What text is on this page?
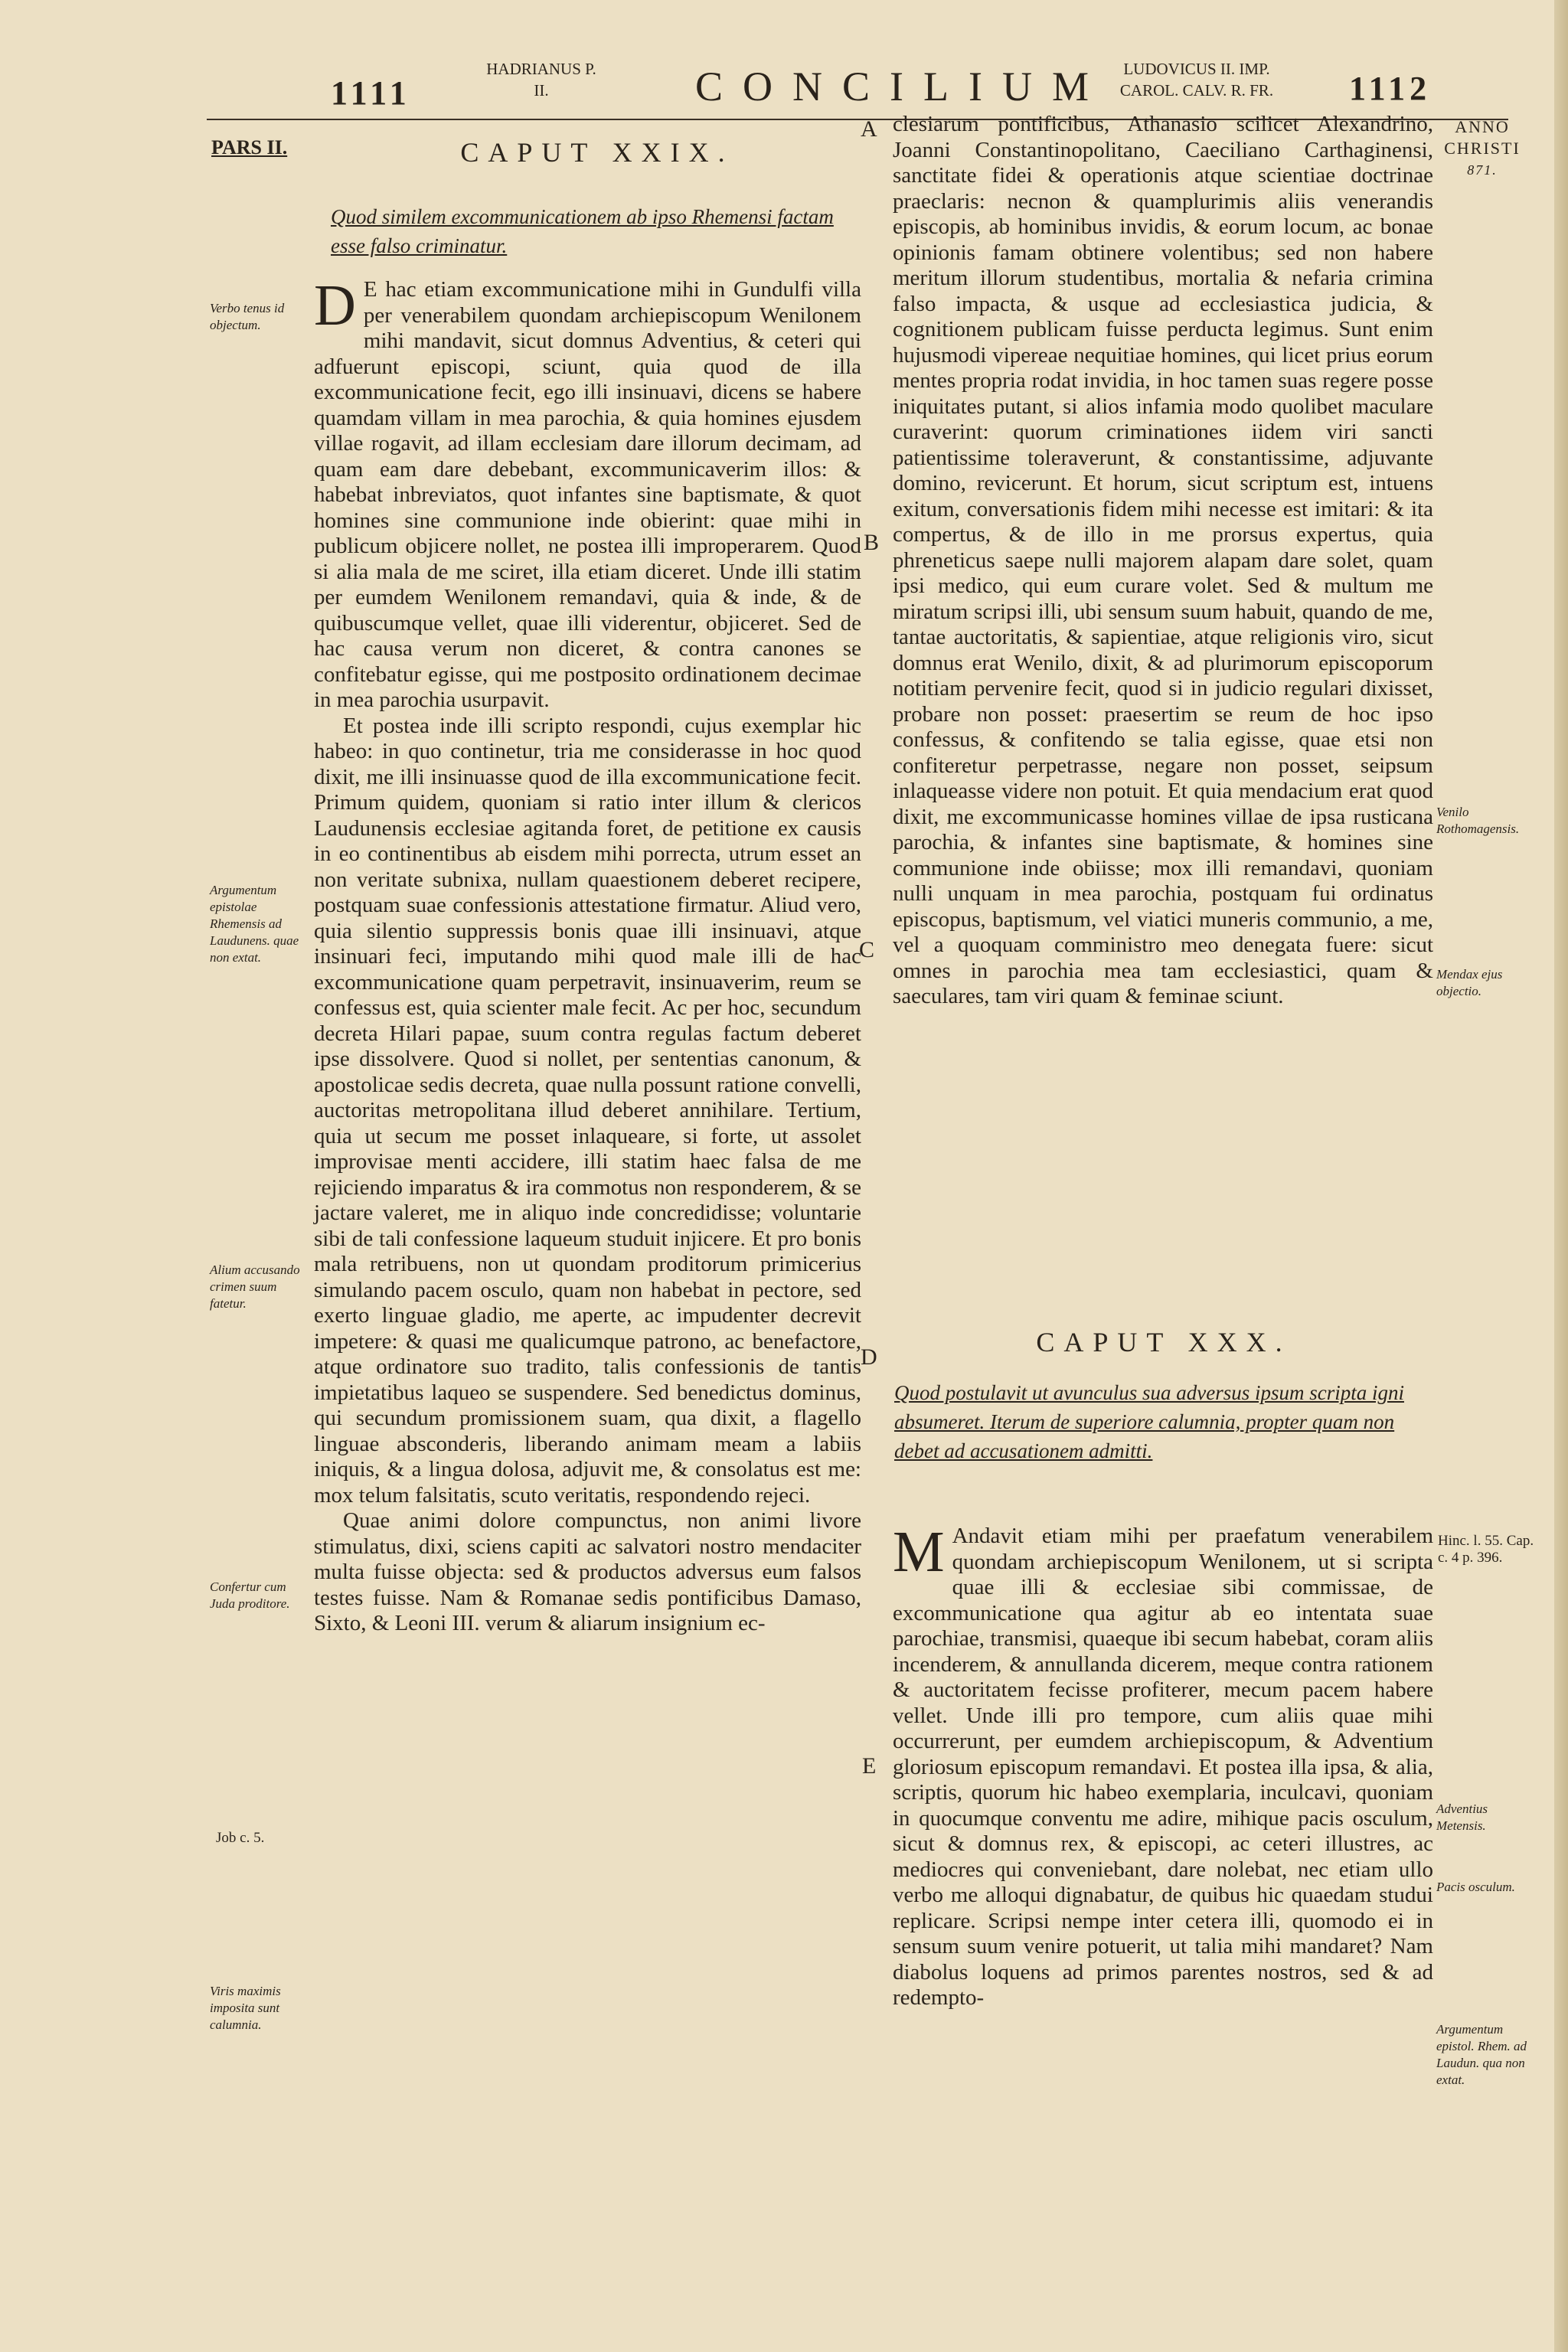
1111
HADRIANUS P. II.	CONCILIUM LUDOVICUS II. IMP.
CAROL. CALV. R. FR.	1112
PARS II.
ANNO
CHRISTI
871.
CAPUT XXIX.
Quod similem excommunicationem ab ipso Rhemensi factam esse falso criminatur.

D E hac etiam excommunicatione mihi in Gundulfi villa per venerabilem quondam archiepiscopum Wenilonem mihi mandavit, sicut domnus Adventius, & ceteri qui adfuerunt episcopi, sciunt, quia quod de illa excommunicatione fecit, ego illi insinuavi, dicens se habere quamdam villam in mea parochia, & quia homines ejusdem villae rogavit, ad illam ecclesiam dare illorum decimam, ad quam eam dare debebant, excommunicaverim illos: & habebat inbreviatos, quot infantes sine baptismate, & quot homines sine communione inde obierint: quae mihi in publicum objicere nollet, ne postea illi improperarem. Quod si alia mala de me sciret, illa etiam diceret. Unde illi statim per eumdem Wenilonem remandavi, quia & inde, & de quibuscumque vellet, quae illi viderentur, objiceret. Sed de hac causa verum non diceret, & contra canones se confitebatur egisse, qui me postposito ordinationem decimae in mea parochia usurpavit.

Et postea inde illi scripto respondi, cujus exemplar hic habeo: in quo continetur, tria me considerasse in hoc quod dixit, me illi insinuasse quod de illa excommunicatione fecit. Primum quidem, quoniam si ratio inter illum & clericos Laudunensis ecclesiae agitanda foret, de petitione ex causis in eo continentibus ab eisdem mihi porrecta, utrum esset an non veritate subnixa, nullam quaestionem deberet recipere, postquam suae confessionis attestatione firmatur. Aliud vero, quia silentio suppressis bonis quae illi insinuavi, atque insinuari feci, imputando mihi quod male illi de hac excommunicatione quam perpetravit, insinuaverim, reum se confessus est, quia scienter male fecit. Ac per hoc, secundum decreta Hilari papae, suum contra regulas factum deberet ipse dissolvere. Quod si nollet, per sententias canonum, & apostolicae sedis decreta, quae nulla possunt ratione convelli, auctoritas metropolitana illud deberet annihilare. Tertium, quia ut secum me posset inlaqueare, si forte, ut assolet improvisae menti accidere, illi statim haec falsa de me rejiciendo imparatus & ira commotus non responderem, & se jactare valeret, me in aliquo inde concredidisse; voluntarie sibi de tali confessione laqueum studuit injicere. Et pro bonis mala retribuens, non ut quondam proditorum primicerius simulando pacem osculo, quam non habebat in pectore, sed exerto linguae gladio, me aperte, ac impudenter decrevit impetere: & quasi me qualicumque patrono, ac benefactore, atque ordinatore suo tradito, talis confessionis de tantis impietatibus laqueo se suspendere. Sed benedictus dominus, qui secundum promissionem suam, qua dixit, a flagello linguae absconderis, liberando animam meam a labiis iniquis, & a lingua dolosa, adjuvit me, & consolatus est me: mox telum falsitatis, scuto veritatis, respondendo rejeci.

Quae animi dolore compunctus, non animi livore stimulatus, dixi, sciens capiti ac salvatori nostro mendaciter multa fuisse objecta: sed & productos adversus eum falsos testes fuisse. Nam & Romanae sedis pontificibus Damaso, Sixto, & Leoni III. verum & aliarum insignium ec-

clesiarum pontificibus, Athanasio scilicet Alexandrino, Joanni Constantinopolitano, Caeciliano Carthaginensi, sanctitate fidei & operationis atque scientiae doctrinae praeclaris: necnon & quamplurimis aliis venerandis episcopis, ab hominibus invidis, & eorum locum, ac bonae opinionis famam obtinere volentibus; sed non habere meritum illorum studentibus, mortalia & nefaria crimina falso impacta, & usque ad ecclesiastica judicia, & cognitionem publicam fuisse perducta legimus. Sunt enim hujusmodi vipereae nequitiae homines, qui licet prius eorum mentes propria rodat invidia, in hoc tamen suas regere posse iniquitates putant, si alios infamia modo quolibet maculare curaverint: quorum criminationes iidem viri sancti patientissime toleraverunt, & constantissime, adjuvante domino, revicerunt. Et horum, sicut scriptum est, intuens exitum, conversationis fidem mihi necesse est imitari: & ita compertus, & de illo in me prorsus expertus, quia phreneticus saepe nulli majorem alapam dare solet, quam ipsi medico, qui eum curare volet. Sed & multum me miratum scripsi illi, ubi sensum suum habuit, quando de me, tantae auctoritatis, & sapientiae, atque religionis viro, sicut domnus erat Wenilo, dixit, & ad plurimorum episcoporum notitiam pervenire fecit, quod si in judicio regulari dixisset, probare non posset: praesertim se reum de hoc ipso confessus, & confitendo se talia egisse, quae etsi non confiteretur perpetrasse, negare non posset, seipsum inlaqueasse videre non potuit. Et quia mendacium erat quod dixit, me excommunicasse homines villae de ipsa rusticana parochia, & infantes sine baptismate, & homines sine communione inde obiisse; mox illi remandavi, quoniam nulli unquam in mea parochia, postquam fui ordinatus episcopus, baptismum, vel viatici muneris communio, a me, vel a quoquam comministro meo denegata fuere: sicut omnes in parochia mea tam ecclesiastici, quam & saeculares, tam viri quam & feminae sciunt.

CAPUT XXX.
Quod postulavit ut avunculus sua adversus ipsum scripta igni absumeret. Iterum de superiore calumnia, propter quam non debet ad accusationem admitti.

M Andavit etiam mihi per praefatum venerabilem quondam archiepiscopum Wenilonem, ut si scripta quae illi & ecclesiae sibi commissae, de excommunicatione qua agitur ab eo intentata suae parochiae, transmisi, quaeque ibi secum habebat, coram aliis incenderem, & annullanda dicerem, meque contra rationem & auctoritatem fecisse profiterer, mecum pacem habere vellet. Unde illi pro tempore, cum aliis quae mihi occurrerunt, per eumdem archiepiscopum, & Adventium gloriosum episcopum remandavi. Et postea illa ipsa, & alia, scriptis, quorum hic habeo exemplaria, inculcavi, quoniam in quocumque conventu me adire, mihique pacis osculum, sicut & domnus rex, & episcopi, ac ceteri illustres, ac mediocres qui conveniebant, dare nolebat, nec etiam ullo verbo me alloqui dignabatur, de quibus hic quaedam studui replicare. Scripsi nempe inter cetera illi, quomodo ei in sensum suum venire potuerit, ut talia mihi mandaret? Nam diabolus loquens ad primos parentes nostros, sed & ad redempto-

A
B
C
D
E
Verbo tenus id objectum.
Argumentum epistolae Rhemensis ad Laudunens. quae non extat.
Alium accusando crimen suum fatetur.
Confertur cum Juda proditore.
Job c. 5.
Viris maximis imposita sunt calumnia.
Venilo Rothomagensis.
Mendax ejus objectio.
Hinc. l. 55. Cap. c. 4 p. 396.
Adventius Metensis.
Pacis osculum.
Argumentum epistol. Rhem. ad Laudun. qua non extat.
